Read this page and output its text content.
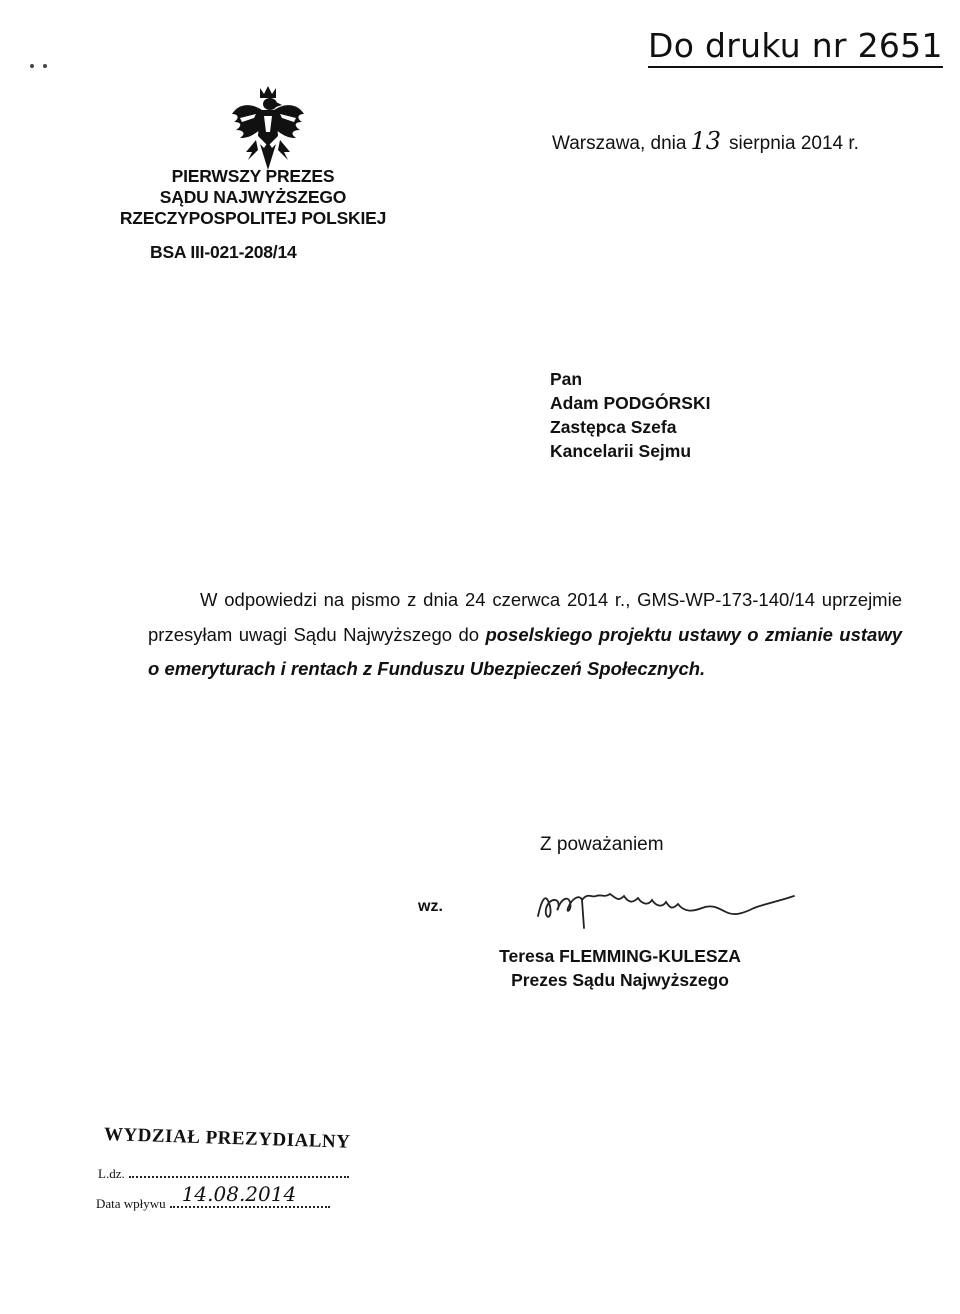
Do druku nr 2651
PIERWSZY PREZES
SĄDU NAJWYŻSZEGO
RZECZYPOSPOLITEJ POLSKIEJ
BSA III-021-208/14
Warszawa, dnia 13 sierpnia 2014 r.
Pan
Adam PODGÓRSKI
Zastępca Szefa
Kancelarii Sejmu

W odpowiedzi na pismo z dnia 24 czerwca 2014 r., GMS-WP-173-140/14 uprzejmie przesyłam uwagi Sądu Najwyższego do poselskiego projektu ustawy o zmianie ustawy o emeryturach i rentach z Funduszu Ubezpieczeń Społecznych.

Z poważaniem
wz.
Teresa FLEMMING-KULESZA
Prezes Sądu Najwyższego
WYDZIAŁ PREZYDIALNY
L.dz.
Data wpływu 14.08.2014
